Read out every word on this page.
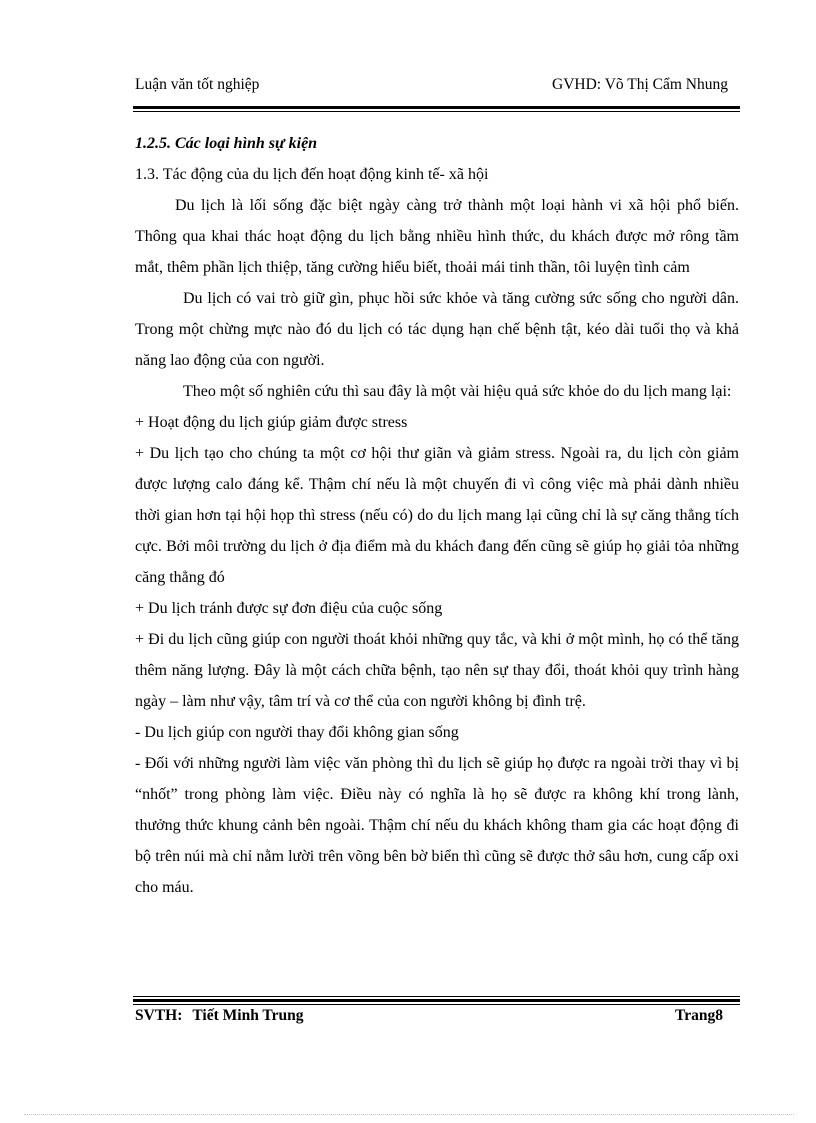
Luận văn tốt nghiệp	GVHD: Võ Thị Cẩm Nhung

1.2.5. Các loại hình sự kiện

1.3. Tác động của du lịch đến hoạt động kinh tế- xã hội

Du lịch là lối sống đặc biệt ngày càng trở thành một loại hành vi xã hội phổ biến. Thông qua khai thác hoạt động du lịch bằng nhiều hình thức, du khách được mở rông tầm mắt, thêm phần lịch thiệp, tăng cường hiểu biết, thoải mái tinh thần, tôi luyện tình cảm

Du lịch có vai trò giữ gìn, phục hồi sức khỏe và tăng cường sức sống cho người dân. Trong một chừng mực nào đó du lịch có tác dụng hạn chế bệnh tật, kéo dài tuổi thọ và khả năng lao động của con người.

Theo một số nghiên cứu thì sau đây là một vài hiệu quả sức khỏe do du lịch mang lại:

+ Hoạt động du lịch giúp giảm được stress

+ Du lịch tạo cho chúng ta một cơ hội thư giãn và giảm stress. Ngoài ra, du lịch còn giảm được lượng calo đáng kể. Thậm chí nếu là một chuyến đi vì công việc mà phải dành nhiều thời gian hơn tại hội họp thì stress (nếu có) do du lịch mang lại cũng chỉ là sự căng thẳng tích cực. Bởi môi trường du lịch ở địa điểm mà du khách đang đến cũng sẽ giúp họ giải tỏa những căng thẳng đó

+ Du lịch tránh được sự đơn điệu của cuộc sống

+ Đi du lịch cũng giúp con người thoát khỏi những quy tắc, và khi ở một mình, họ có thể tăng thêm năng lượng. Đây là một cách chữa bệnh, tạo nên sự thay đổi, thoát khỏi quy trình hàng ngày – làm như vậy, tâm trí và cơ thể của con người không bị đình trệ.

- Du lịch giúp con người thay đổi không gian sống

- Đối với những người làm việc văn phòng thì du lịch sẽ giúp họ được ra ngoài trời thay vì bị “nhốt” trong phòng làm việc. Điều này có nghĩa là họ sẽ được ra không khí trong lành, thưởng thức khung cảnh bên ngoài. Thậm chí nếu du khách không tham gia các hoạt động đi bộ trên núi mà chỉ nằm lười trên võng bên bờ biển thì cũng sẽ được thở sâu hơn, cung cấp oxi cho máu.

SVTH: Tiết Minh Trung	Trang8
